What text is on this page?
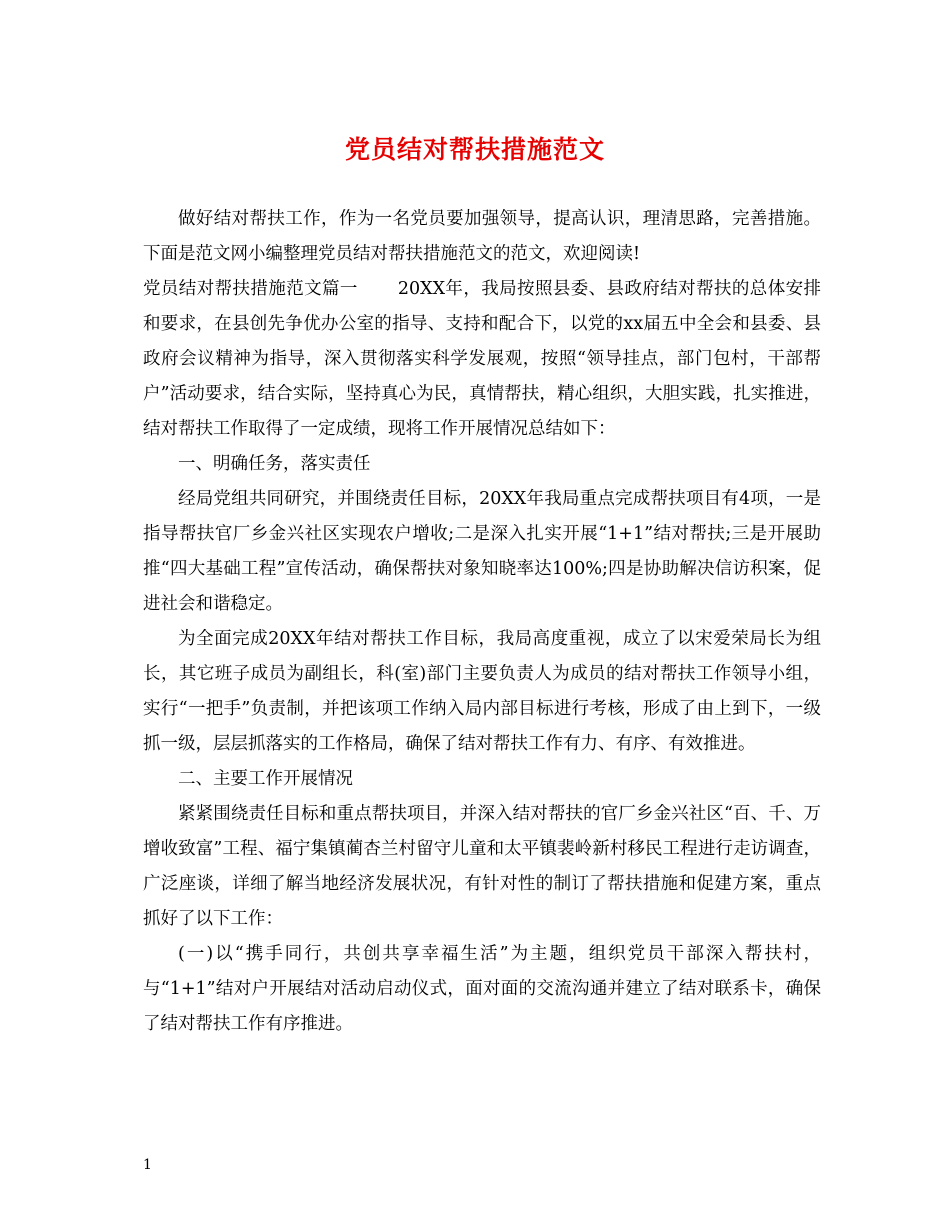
党员结对帮扶措施范文

做好结对帮扶工作，作为一名党员要加强领导，提高认识，理清思路，完善措施。下面是范文网小编整理党员结对帮扶措施范文的范文，欢迎阅读!

党员结对帮扶措施范文篇一 20XX年，我局按照县委、县政府结对帮扶的总体安排和要求，在县创先争优办公室的指导、支持和配合下，以党的xx届五中全会和县委、县政府会议精神为指导，深入贯彻落实科学发展观，按照“领导挂点，部门包村，干部帮户”活动要求，结合实际，坚持真心为民，真情帮扶，精心组织，大胆实践，扎实推进，结对帮扶工作取得了一定成绩，现将工作开展情况总结如下：

一、明确任务，落实责任

经局党组共同研究，并围绕责任目标，20XX年我局重点完成帮扶项目有4项，一是指导帮扶官厂乡金兴社区实现农户增收;二是深入扎实开展“1+1”结对帮扶;三是开展助推“四大基础工程”宣传活动，确保帮扶对象知晓率达100%;四是协助解决信访积案，促进社会和谐稳定。

为全面完成20XX年结对帮扶工作目标，我局高度重视，成立了以宋爱荣局长为组长，其它班子成员为副组长，科(室)部门主要负责人为成员的结对帮扶工作领导小组，实行“一把手”负责制，并把该项工作纳入局内部目标进行考核，形成了由上到下，一级抓一级，层层抓落实的工作格局，确保了结对帮扶工作有力、有序、有效推进。

二、主要工作开展情况

紧紧围绕责任目标和重点帮扶项目，并深入结对帮扶的官厂乡金兴社区“百、千、万增收致富”工程、福宁集镇蔺杏兰村留守儿童和太平镇裴岭新村移民工程进行走访调查，广泛座谈，详细了解当地经济发展状况，有针对性的制订了帮扶措施和促建方案，重点抓好了以下工作：

(一)以“携手同行，共创共享幸福生活”为主题，组织党员干部深入帮扶村，与“1+1”结对户开展结对活动启动仪式，面对面的交流沟通并建立了结对联系卡，确保了结对帮扶工作有序推进。

1
